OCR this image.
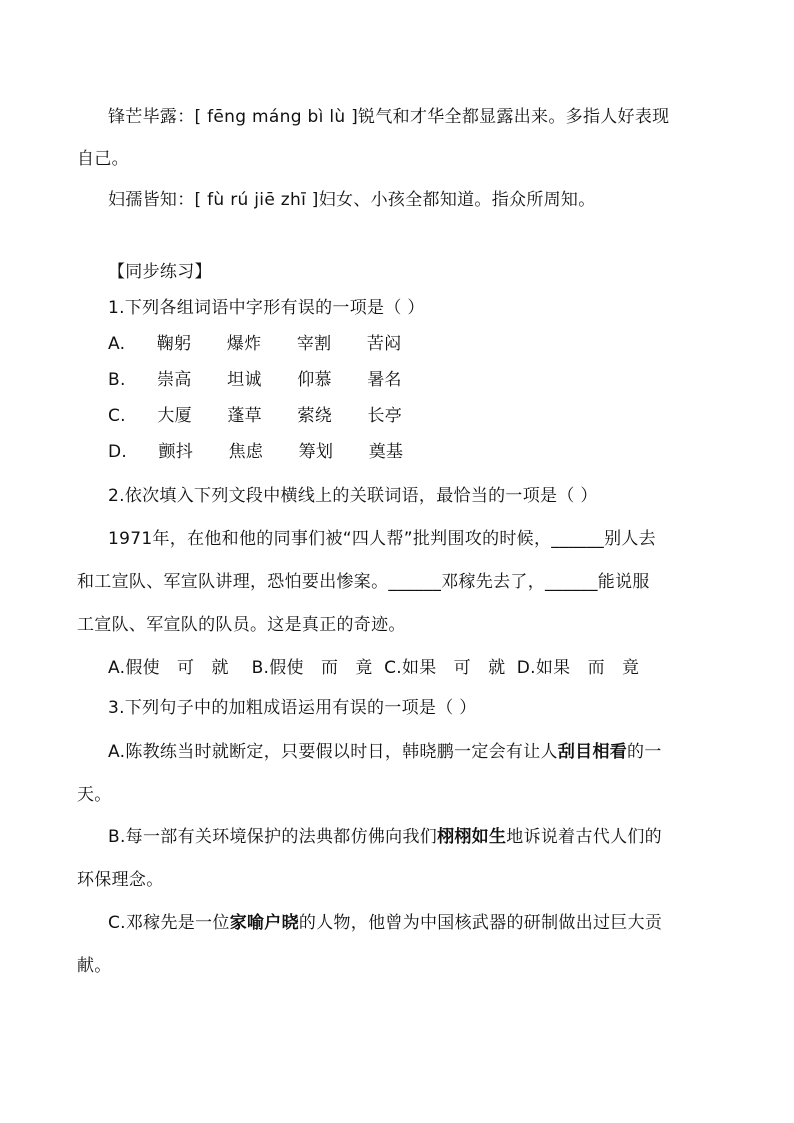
锋芒毕露：[ fēng máng bì lù ]锐气和才华全都显露出来。多指人好表现
自己。
妇孺皆知：[ fù rú jiē zhī ]妇女、小孩全都知道。指众所周知。
【同步练习】
1.下列各组词语中字形有误的一项是（ ）
A. 鞠躬 爆炸 宰割 苦闷
B. 崇高 坦诚 仰慕 暑名
C. 大厦 蓬草 萦绕 长亭
D. 颤抖 焦虑 筹划 奠基
2.依次填入下列文段中横线上的关联词语，最恰当的一项是（ ）
1971年，在他和他的同事们被“四人帮”批判围攻的时候，______别人去
和工宣队、军宣队讲理，恐怕要出惨案。______邓稼先去了，______能说服
工宣队、军宣队的队员。这是真正的奇迹。
A.假使   可   就    B.假使   而   竟  C.如果   可   就  D.如果   而   竟
3.下列句子中的加粗成语运用有误的一项是（ ）
A.陈教练当时就断定，只要假以时日，韩晓鹏一定会有让人刮目相看的一
天。
B.每一部有关环境保护的法典都仿佛向我们栩栩如生地诉说着古代人们的
环保理念。
C.邓稼先是一位家喻户晓的人物，他曾为中国核武器的研制做出过巨大贡
献。
